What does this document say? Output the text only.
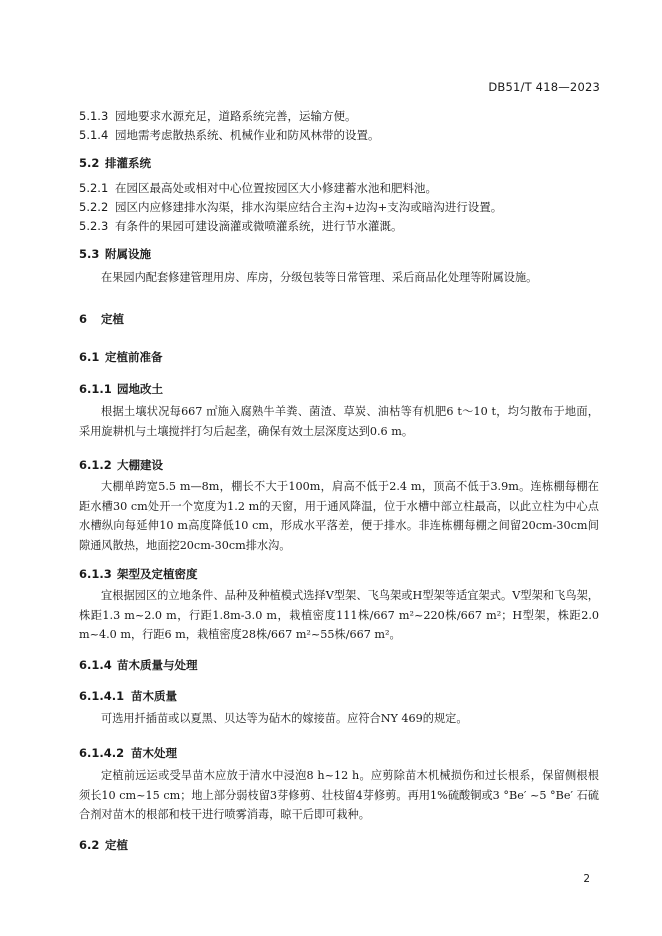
DB51/T 418—2023
5.1.3 园地要求水源充足，道路系统完善，运输方便。
5.1.4 园地需考虑散热系统、机械作业和防风林带的设置。
5.2 排灌系统
5.2.1 在园区最高处或相对中心位置按园区大小修建蓄水池和肥料池。
5.2.2 园区内应修建排水沟渠，排水沟渠应结合主沟+边沟+支沟或暗沟进行设置。
5.2.3 有条件的果园可建设滴灌或微喷灌系统，进行节水灌溉。
5.3 附属设施
在果园内配套修建管理用房、库房，分级包装等日常管理、采后商品化处理等附属设施。
6 定植
6.1 定植前准备
6.1.1 园地改土
根据土壤状况每667 ㎡施入腐熟牛羊粪、菌渣、草炭、油枯等有机肥6 t～10 t，均匀散布于地面，采用旋耕机与土壤搅拌打匀后起垄，确保有效土层深度达到0.6 m。
6.1.2 大棚建设
大棚单跨宽5.5 m—8m，棚长不大于100m，肩高不低于2.4 m，顶高不低于3.9m。连栋棚每棚在距水槽30 cm处开一个宽度为1.2 m的天窗，用于通风降温，位于水槽中部立柱最高，以此立柱为中心点水槽纵向每延伸10 m高度降低10 cm，形成水平落差，便于排水。非连栋棚每棚之间留20cm-30cm间隙通风散热，地面挖20cm-30cm排水沟。
6.1.3 架型及定植密度
宜根据园区的立地条件、品种及种植模式选择V型架、飞鸟架或H型架等适宜架式。V型架和飞鸟架，株距1.3 m~2.0 m，行距1.8m-3.0 m，栽植密度111株/667 m²~220株/667 m²；H型架，株距2.0 m~4.0 m，行距6 m，栽植密度28株/667 m²~55株/667 m²。
6.1.4 苗木质量与处理
6.1.4.1 苗木质量
可选用扦插苗或以夏黑、贝达等为砧木的嫁接苗。应符合NY 469的规定。
6.1.4.2 苗木处理
定植前远运或受旱苗木应放于清水中浸泡8 h~12 h。应剪除苗木机械损伤和过长根系，保留侧根根须长10 cm~15 cm；地上部分弱枝留3芽修剪、壮枝留4芽修剪。再用1%硫酸铜或3 °Be′ ~5 °Be′ 石硫合剂对苗木的根部和枝干进行喷雾消毒，晾干后即可栽种。
6.2 定植
2
